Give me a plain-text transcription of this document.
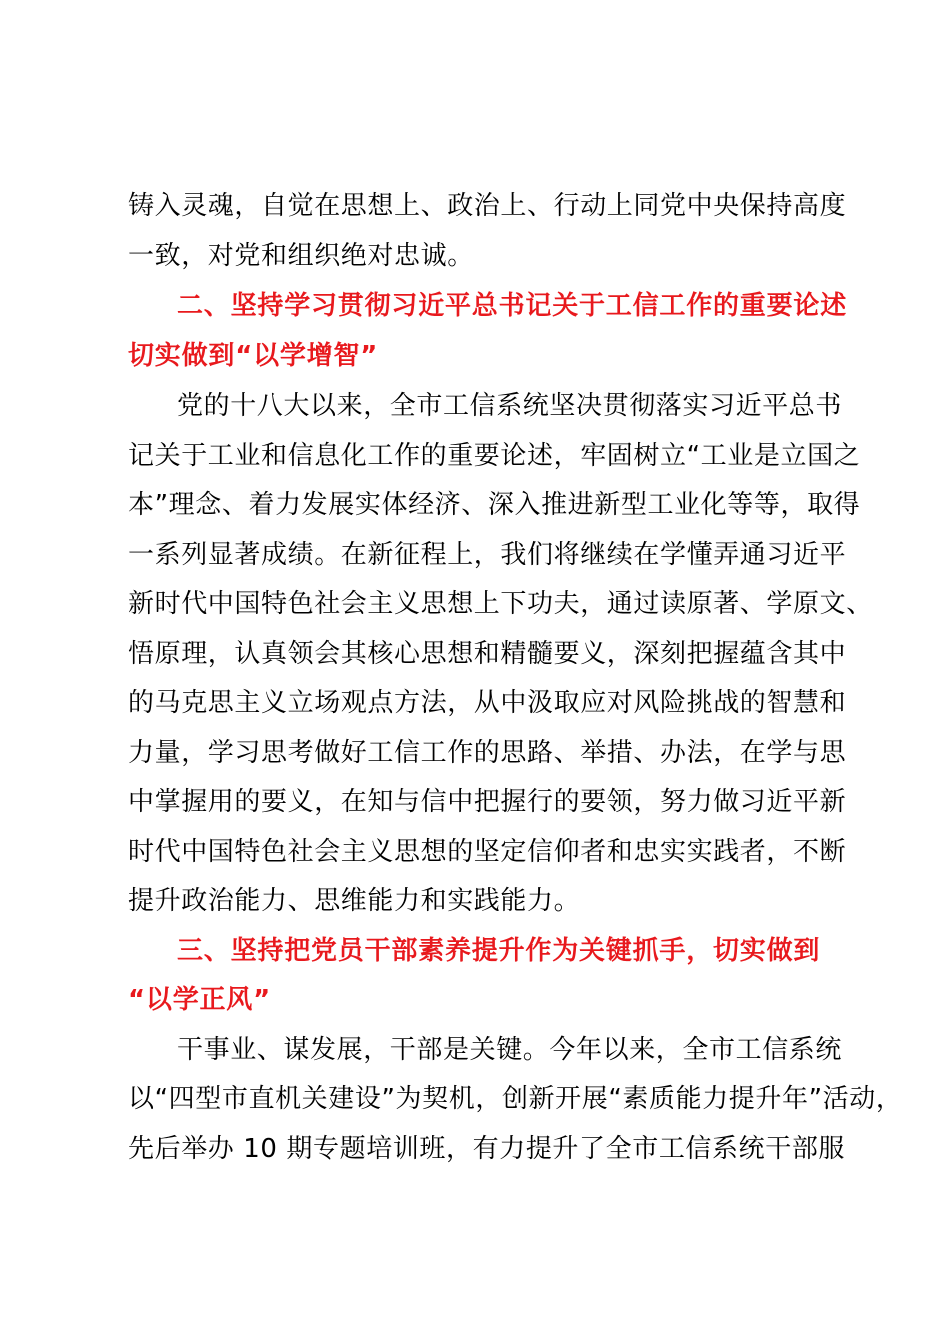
铸入灵魂，自觉在思想上、政治上、行动上同党中央保持高度
一致，对党和组织绝对忠诚。
二、坚持学习贯彻习近平总书记关于工信工作的重要论述
切实做到“以学增智”
党的十八大以来，全市工信系统坚决贯彻落实习近平总书
记关于工业和信息化工作的重要论述，牢固树立“工业是立国之
本”理念、着力发展实体经济、深入推进新型工业化等等，取得
一系列显著成绩。在新征程上，我们将继续在学懂弄通习近平
新时代中国特色社会主义思想上下功夫，通过读原著、学原文、
悟原理，认真领会其核心思想和精髓要义，深刻把握蕴含其中
的马克思主义立场观点方法，从中汲取应对风险挑战的智慧和
力量，学习思考做好工信工作的思路、举措、办法，在学与思
中掌握用的要义，在知与信中把握行的要领，努力做习近平新
时代中国特色社会主义思想的坚定信仰者和忠实实践者，不断
提升政治能力、思维能力和实践能力。
三、坚持把党员干部素养提升作为关键抓手，切实做到
“以学正风”
干事业、谋发展，干部是关键。今年以来，全市工信系统
以“四型市直机关建设”为契机，创新开展“素质能力提升年”活动，
先后举办 10 期专题培训班，有力提升了全市工信系统干部服
